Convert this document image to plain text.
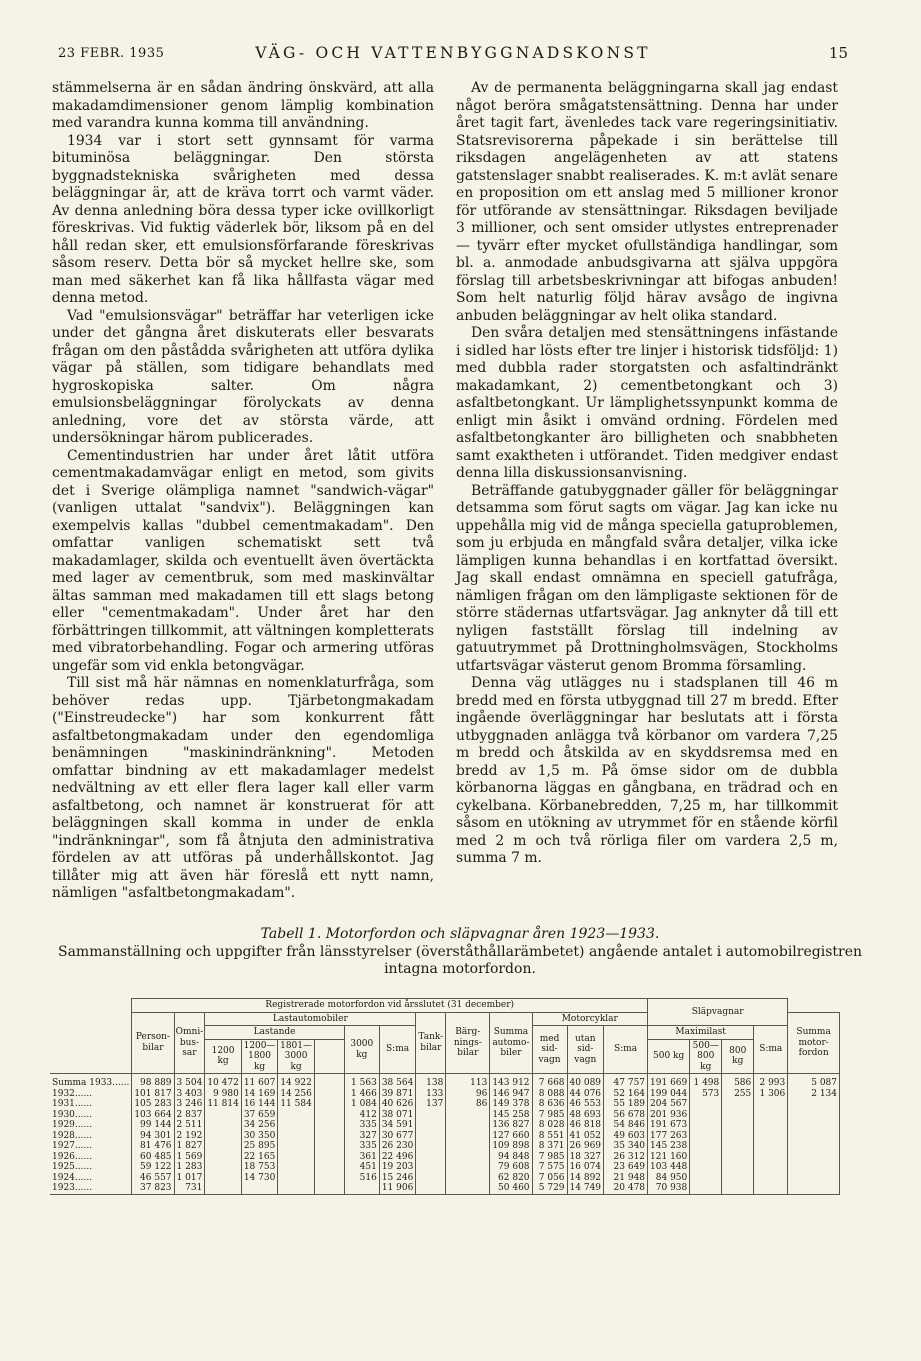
23 FEBR. 1935	VÄG- OCH VATTENBYGGNADSKONST	15

stämmelserna är en sådan ändring önskvärd, att alla makadamdimensioner genom lämplig kombination med varandra kunna komma till användning.

1934 var i stort sett gynnsamt för varma bituminösa beläggningar. Den största byggnadstekniska svårigheten med dessa beläggningar är, att de kräva torrt och varmt väder. Av denna anledning böra dessa typer icke ovillkorligt föreskrivas. Vid fuktig väderlek bör, liksom på en del håll redan sker, ett emulsionsförfarande föreskrivas såsom reserv. Detta bör så mycket hellre ske, som man med säkerhet kan få lika hållfasta vägar med denna metod.

Vad "emulsionsvägar" beträffar har veterligen icke under det gångna året diskuterats eller besvarats frågan om den påstådda svårigheten att utföra dylika vägar på ställen, som tidigare behandlats med hygroskopiska salter. Om några emulsionsbeläggningar förolyckats av denna anledning, vore det av största värde, att undersökningar härom publicerades.

Cementindustrien har under året låtit utföra cementmakadamvägar enligt en metod, som givits det i Sverige olämpliga namnet "sandwich-vägar" (vanligen uttalat "sandvix"). Beläggningen kan exempelvis kallas "dubbel cementmakadam". Den omfattar vanligen schematiskt sett två makadamlager, skilda och eventuellt även övertäckta med lager av cementbruk, som med maskinvältar ältas samman med makadamen till ett slags betong eller "cementmakadam". Under året har den förbättringen tillkommit, att vältningen kompletterats med vibratorbehandling. Fogar och armering utföras ungefär som vid enkla betongvägar.

Till sist må här nämnas en nomenklaturfråga, som behöver redas upp. Tjärbetongmakadam ("Einstreudecke") har som konkurrent fått asfaltbetongmakadam under den egendomliga benämningen "maskinindränkning". Metoden omfattar bindning av ett makadamlager medelst nedvältning av ett eller flera lager kall eller varm asfaltbetong, och namnet är konstruerat för att beläggningen skall komma in under de enkla "indränkningar", som få åtnjuta den administrativa fördelen av att utföras på underhållskontot. Jag tillåter mig att även här föreslå ett nytt namn, nämligen "asfaltbetongmakadam".

Av de permanenta beläggningarna skall jag endast något beröra smågatstensättning. Denna har under året tagit fart, ävenledes tack vare regeringsinitiativ. Statsrevisorerna påpekade i sin berättelse till riksdagen angelägenheten av att statens gatstenslager snabbt realiserades. K. m:t avlät senare en proposition om ett anslag med 5 millioner kronor för utförande av stensättningar. Riksdagen beviljade 3 millioner, och sent omsider utlystes entreprenader — tyvärr efter mycket ofullständiga handlingar, som bl. a. anmodade anbudsgivarna att själva uppgöra förslag till arbetsbeskrivningar att bifogas anbuden! Som helt naturlig följd härav avsågo de ingivna anbuden beläggningar av helt olika standard.

Den svåra detaljen med stensättningens infästande i sidled har lösts efter tre linjer i historisk tidsföljd: 1) med dubbla rader storgatsten och asfaltindränkt makadamkant, 2) cementbetongkant och 3) asfaltbetongkant. Ur lämplighetssynpunkt komma de enligt min åsikt i omvänd ordning. Fördelen med asfaltbetongkanter äro billigheten och snabbheten samt exaktheten i utförandet. Tiden medgiver endast denna lilla diskussionsanvisning.

Beträffande gatubyggnader gäller för beläggningar detsamma som förut sagts om vägar. Jag kan icke nu uppehålla mig vid de många speciella gatuproblemen, som ju erbjuda en mångfald svåra detaljer, vilka icke lämpligen kunna behandlas i en kortfattad översikt. Jag skall endast omnämna en speciell gatufråga, nämligen frågan om den lämpligaste sektionen för de större städernas utfartsvägar. Jag anknyter då till ett nyligen fastställt förslag till indelning av gatuutrymmet på Drottningholmsvägen, Stockholms utfartsvägar västerut genom Bromma församling.

Denna väg utlägges nu i stadsplanen till 46 m bredd med en första utbyggnad till 27 m bredd. Efter ingående överläggningar har beslutats att i första utbyggnaden anlägga två körbanor om vardera 7,25 m bredd och åtskilda av en skyddsremsa med en bredd av 1,5 m. På ömse sidor om de dubbla körbanorna läggas en gångbana, en trädrad och en cykelbana. Körbanebredden, 7,25 m, har tillkommit såsom en utökning av utrymmet för en stående körfil med 2 m och två rörliga filer om vardera 2,5 m, summa 7 m.

Tabell 1. Motorfordon och släpvagnar åren 1923—1933.
Sammanställning och uppgifter från länsstyrelser (överståthållarämbetet) angående antalet i automobilregistren intagna motorfordon.
	Registrerade motorfordon vid årsslutet (31 december)														Släpvagnar				
	Person-bilar	Omni-bus-sar	Lastautomobiler						Tank-bilar	Bärg-nings-bilar	Summa automo-biler	Motorcyklar							Summa motor-fordon
			Lastande				3000 kg	S:ma				med sid-vagn	utan sid-vagn	S:ma	Maximilast			S:ma	
			1200 kg	1200—1800 kg	1801—3000 kg										500 kg	500—800 kg	800 kg		
Summa 1933......	98 889	3 504	10 472	11 607	14 922		1 563	38 564	138	113	143 912	7 668	40 089	47 757	191 669	1 498	586	2 993	5 087
1932......	101 817	3 403	9 980	14 169	14 256		1 466	39 871	133	96	146 947	8 088	44 076	52 164	199 044	573	255	1 306	2 134
1931......	105 283	3 246	11 814	16 144	11 584		1 084	40 626	137	86	149 378	8 636	46 553	55 189	204 567				
1930......	103 664	2 837		37 659			412	38 071			145 258	7 985	48 693	56 678	201 936				
1929......	99 144	2 511		34 256			335	34 591			136 827	8 028	46 818	54 846	191 673				
1928......	94 301	2 192		30 350			327	30 677			127 660	8 551	41 052	49 603	177 263				
1927......	81 476	1 827		25 895			335	26 230			109 898	8 371	26 969	35 340	145 238				
1926......	60 485	1 569		22 165			361	22 496			94 848	7 985	18 327	26 312	121 160				
1925......	59 122	1 283		18 753			451	19 203			79 608	7 575	16 074	23 649	103 448				
1924......	46 557	1 017		14 730			516	15 246			62 820	7 056	14 892	21 948	84 950				
1923......	37 823	731						11 906			50 460	5 729	14 749	20 478	70 938				
